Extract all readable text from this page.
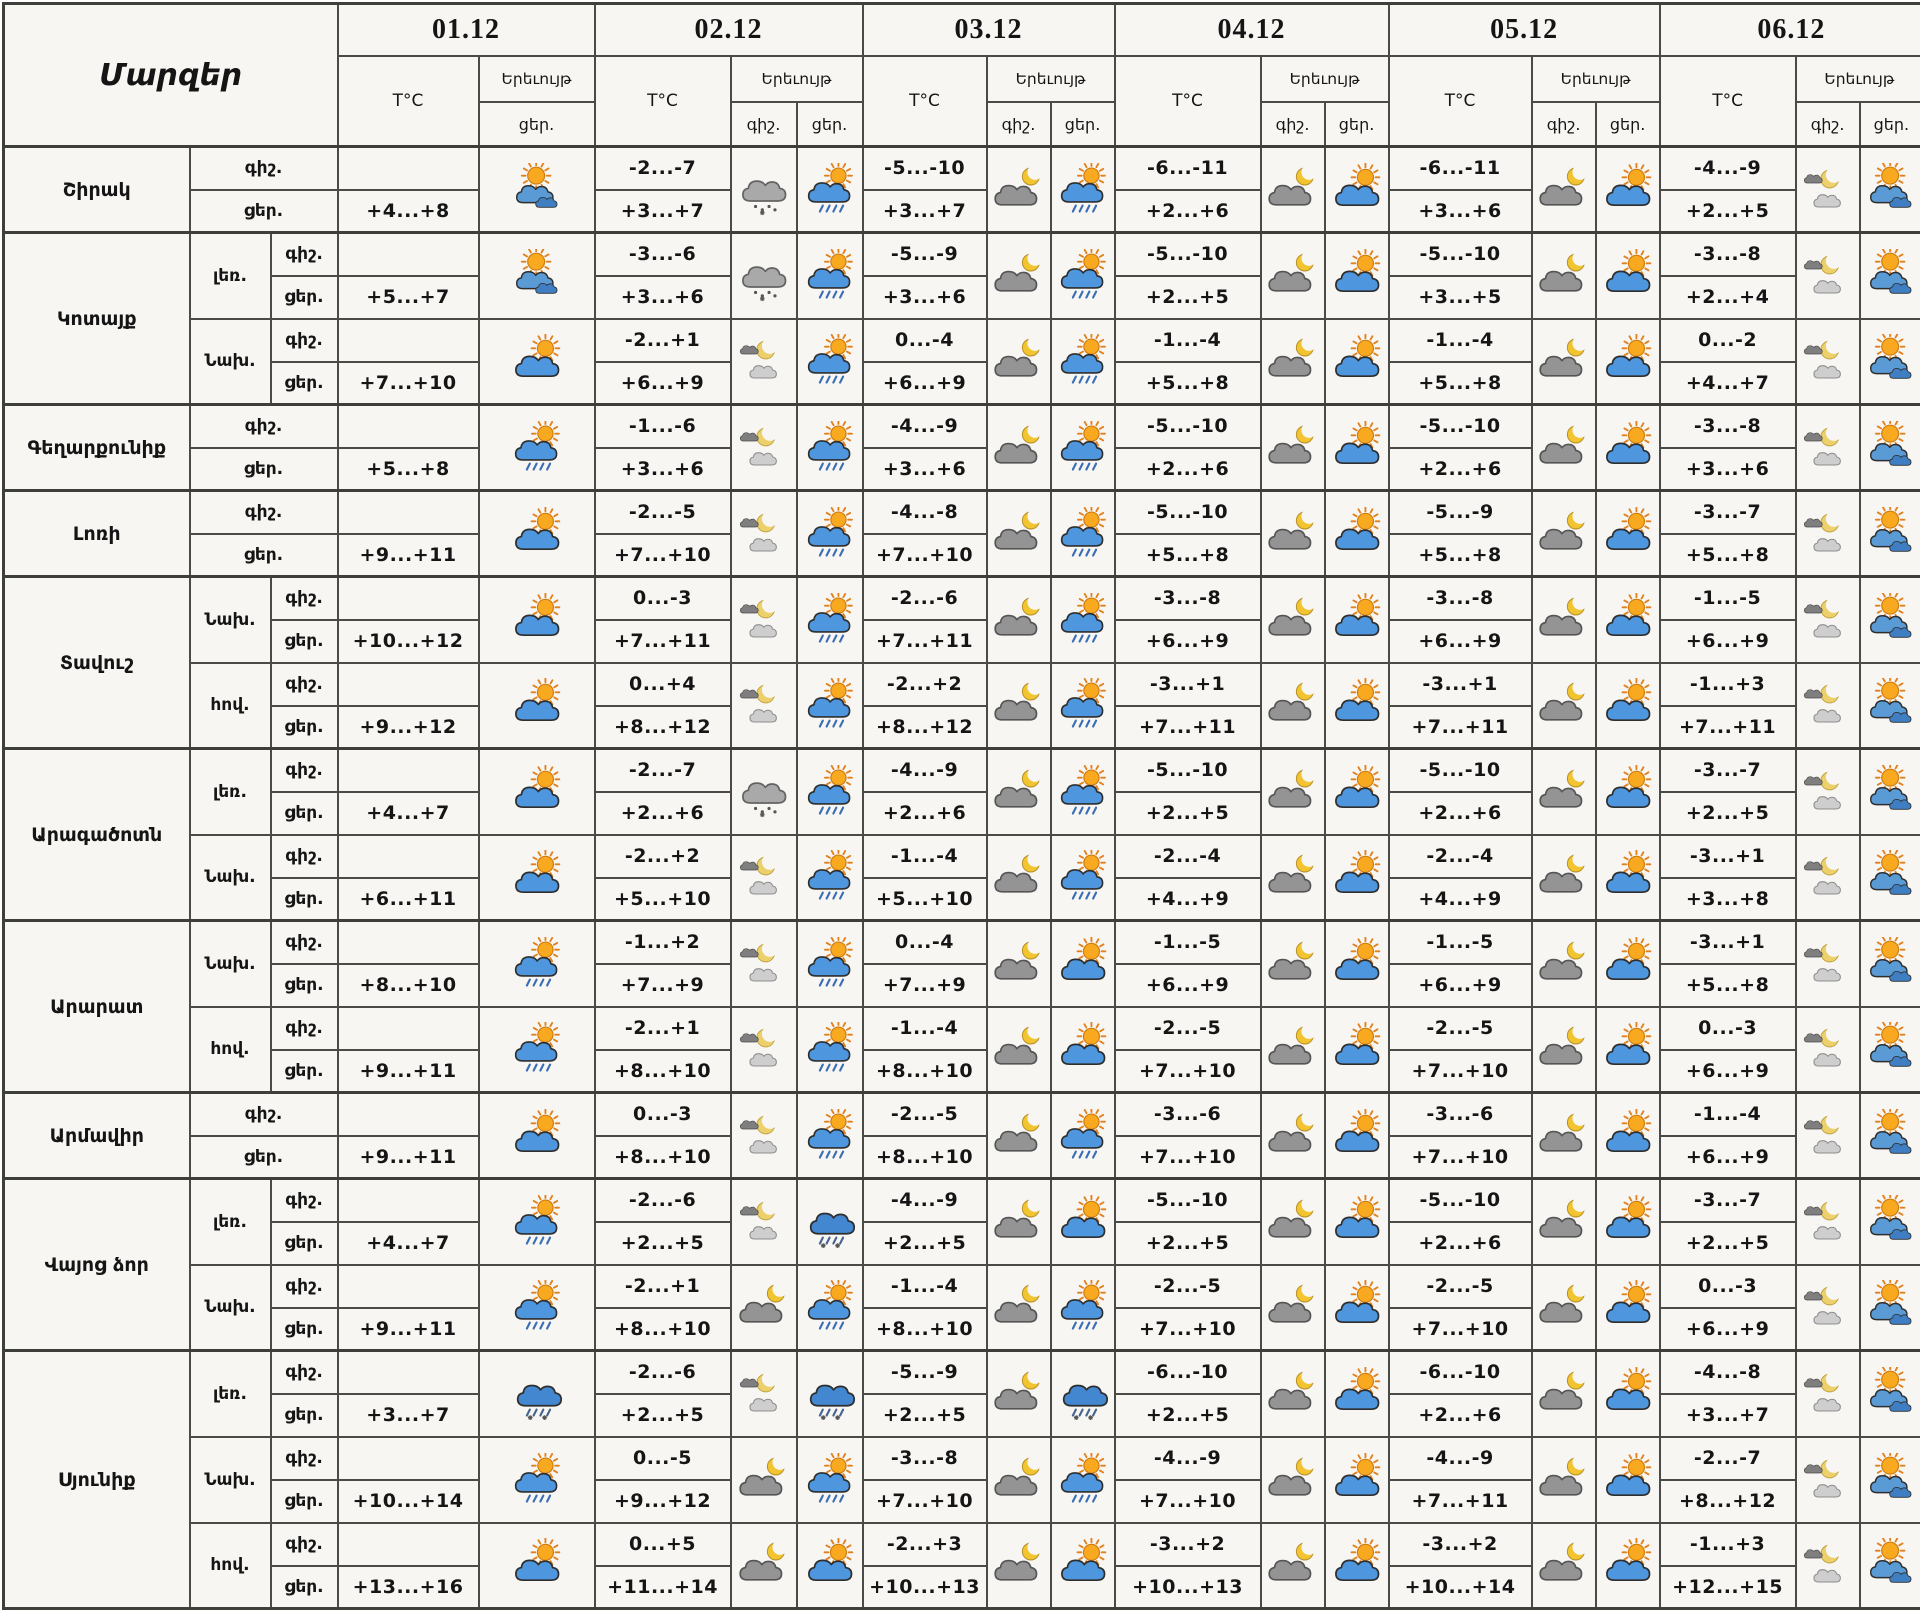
Մարզեր			01.12		02.12			03.12			04.12			05.12			06.12		
			T°C	Երեւույթ	T°C	Երեւույթ		T°C	Երեւույթ		T°C	Երեւույթ		T°C	Երեւույթ		T°C	Երեւույթ	
				ցեր.		գիշ.	ցեր.		գիշ.	ցեր.		գիշ.	ցեր.		գիշ.	ցեր.		գիշ.	ցեր.
Շիրակ	գիշ.				-2...-7			-5...-10			-6...-11			-6...-11			-4...-9	

	ցեր.		+4...+8		+3...+7			+3...+7			+2...+6			+3...+6			+2...+5		
Կոտայք	լեռ.	գիշ.			-3...-6			-5...-9			-5...-10			-5...-10			-3...-8	

		ցեր.	+5...+7		+3...+6			+3...+6			+2...+5			+3...+5			+2...+4		
	Նախ.	գիշ.			-2...+1			0...-4			-1...-4			-1...-4			0...-2	

		ցեր.	+7...+10		+6...+9			+6...+9			+5...+8			+5...+8			+4...+7		
Գեղարքունիք	գիշ.				-1...-6			-4...-9			-5...-10			-5...-10			-3...-8	

	ցեր.		+5...+8		+3...+6			+3...+6			+2...+6			+2...+6			+3...+6		
Լոռի	գիշ.				-2...-5			-4...-8			-5...-10			-5...-9			-3...-7	

	ցեր.		+9...+11		+7...+10			+7...+10			+5...+8			+5...+8			+5...+8		
Տավուշ	Նախ.	գիշ.			0...-3			-2...-6			-3...-8			-3...-8			-1...-5	

		ցեր.	+10...+12		+7...+11			+7...+11			+6...+9			+6...+9			+6...+9		
	հով.	գիշ.			0...+4			-2...+2			-3...+1			-3...+1			-1...+3	

		ցեր.	+9...+12		+8...+12			+8...+12			+7...+11			+7...+11			+7...+11		
Արագածոտն	լեռ.	գիշ.			-2...-7			-4...-9			-5...-10			-5...-10			-3...-7	

		ցեր.	+4...+7		+2...+6			+2...+6			+2...+5			+2...+6			+2...+5		
	Նախ.	գիշ.			-2...+2			-1...-4			-2...-4			-2...-4			-3...+1	

		ցեր.	+6...+11		+5...+10			+5...+10			+4...+9			+4...+9			+3...+8		
Արարատ	Նախ.	գիշ.			-1...+2			0...-4			-1...-5			-1...-5			-3...+1	

		ցեր.	+8...+10		+7...+9			+7...+9			+6...+9			+6...+9			+5...+8		
	հով.	գիշ.			-2...+1			-1...-4			-2...-5			-2...-5			0...-3	

		ցեր.	+9...+11		+8...+10			+8...+10			+7...+10			+7...+10			+6...+9		
Արմավիր	գիշ.				0...-3			-2...-5			-3...-6			-3...-6			-1...-4	

	ցեր.		+9...+11		+8...+10			+8...+10			+7...+10			+7...+10			+6...+9		
Վայոց ձոր	լեռ.	գիշ.			-2...-6			-4...-9			-5...-10			-5...-10			-3...-7	

		ցեր.	+4...+7		+2...+5			+2...+5			+2...+5			+2...+6			+2...+5		
	Նախ.	գիշ.			-2...+1			-1...-4			-2...-5			-2...-5			0...-3	

		ցեր.	+9...+11		+8...+10			+8...+10			+7...+10			+7...+10			+6...+9		
Սյունիք	լեռ.	գիշ.			-2...-6			-5...-9			-6...-10			-6...-10			-4...-8	

		ցեր.	+3...+7		+2...+5			+2...+5			+2...+5			+2...+6			+3...+7		
	Նախ.	գիշ.			0...-5			-3...-8			-4...-9			-4...-9			-2...-7	

		ցեր.	+10...+14		+9...+12			+7...+10			+7...+10			+7...+11			+8...+12		
	հով.	գիշ.			0...+5			-2...+3			-3...+2			-3...+2			-1...+3	

		ցեր.	+13...+16		+11...+14			+10...+13			+10...+13			+10...+14			+12...+15		
